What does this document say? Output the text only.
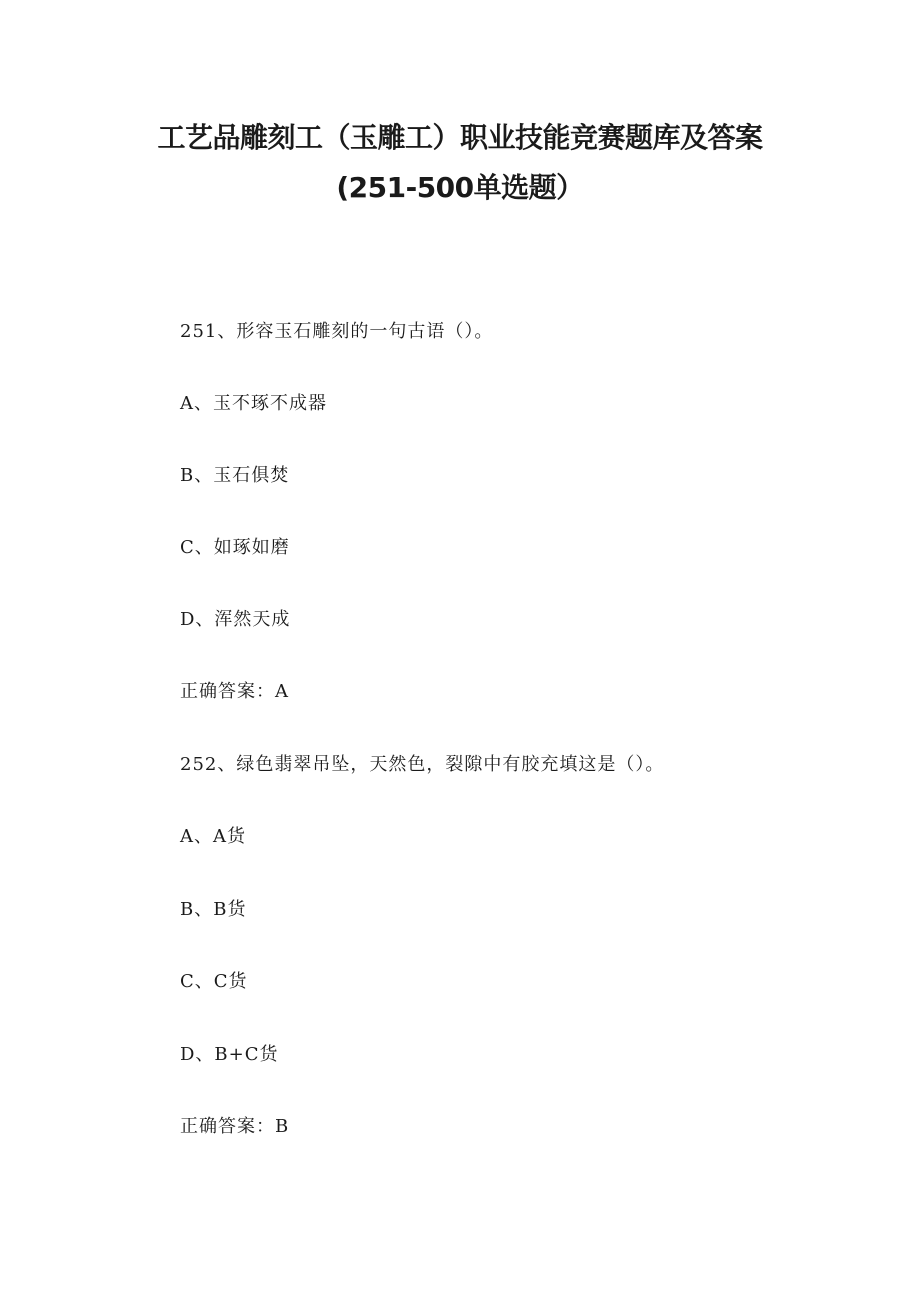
工艺品雕刻工（玉雕工）职业技能竞赛题库及答案
(251-500单选题）
251、形容玉石雕刻的一句古语（）。
A、玉不琢不成器
B、玉石俱焚
C、如琢如磨
D、浑然天成
正确答案：A
252、绿色翡翠吊坠，天然色，裂隙中有胶充填这是（）。
A、A货
B、B货
C、C货
D、B+C货
正确答案：B
